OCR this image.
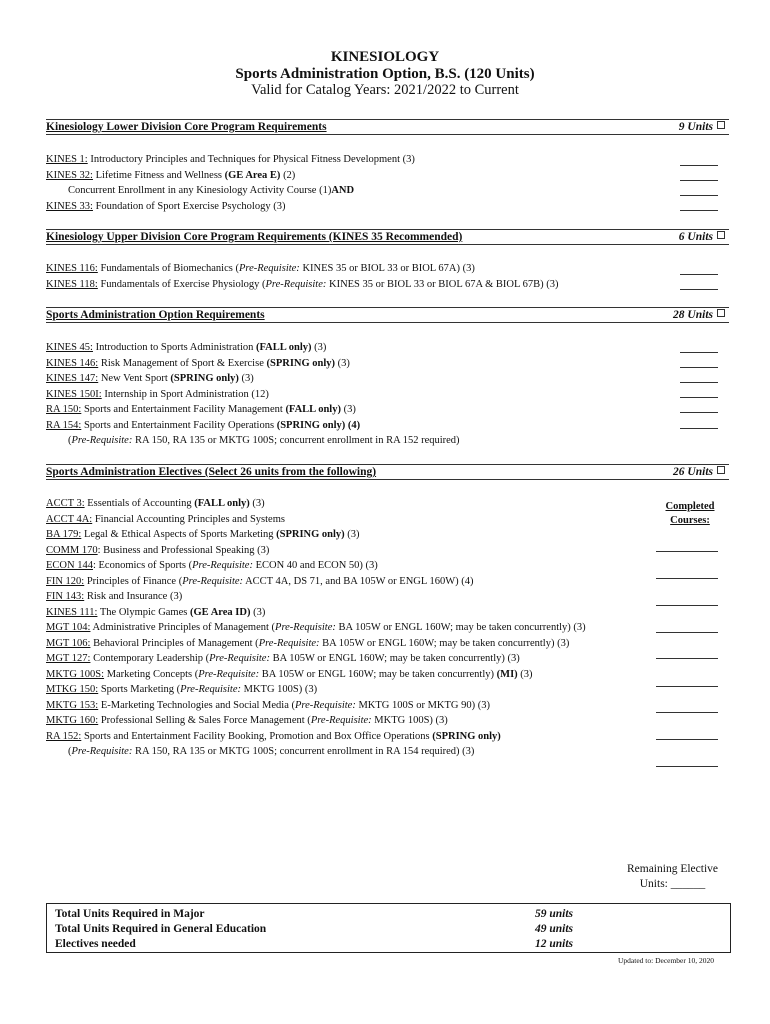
KINESIOLOGY
Sports Administration Option, B.S. (120 Units)
Valid for Catalog Years: 2021/2022 to Current
Kinesiology Lower Division Core Program Requirements	9 Units
Kinesiology Upper Division Core Program Requirements (KINES 35 Recommended)	6 Units
Sports Administration Option Requirements	28 Units
Sports Administration Electives (Select 26 units from the following)	26 Units
KINES 1: Introductory Principles and Techniques for Physical Fitness Development (3)
KINES 32: Lifetime Fitness and Wellness (GE Area E) (2)
Concurrent Enrollment in any Kinesiology Activity Course (1)AND
KINES 33: Foundation of Sport Exercise Psychology (3)
KINES 116: Fundamentals of Biomechanics (Pre-Requisite: KINES 35 or BIOL 33 or BIOL 67A) (3)
KINES 118: Fundamentals of Exercise Physiology (Pre-Requisite: KINES 35 or BIOL 33 or BIOL 67A & BIOL 67B) (3)
KINES 45: Introduction to Sports Administration (FALL only) (3)
KINES 146: Risk Management of Sport & Exercise (SPRING only) (3)
KINES 147: New Vent Sport (SPRING only) (3)
KINES 150I: Internship in Sport Administration (12)
RA 150: Sports and Entertainment Facility Management (FALL only) (3)
RA 154: Sports and Entertainment Facility Operations (SPRING only) (4)
(Pre-Requisite: RA 150, RA 135 or MKTG 100S; concurrent enrollment in RA 152 required)
ACCT 3: Essentials of Accounting (FALL only) (3)
ACCT 4A: Financial Accounting Principles and Systems
BA 179: Legal & Ethical Aspects of Sports Marketing (SPRING only) (3)
COMM 170: Business and Professional Speaking (3)
ECON 144: Economics of Sports (Pre-Requisite: ECON 40 and ECON 50) (3)
FIN 120: Principles of Finance (Pre-Requisite: ACCT 4A, DS 71, and BA 105W or ENGL 160W) (4)
FIN 143: Risk and Insurance (3)
KINES 111: The Olympic Games (GE Area ID) (3)
MGT 104: Administrative Principles of Management (Pre-Requisite: BA 105W or ENGL 160W; may be taken concurrently) (3)
MGT 106: Behavioral Principles of Management (Pre-Requisite: BA 105W or ENGL 160W; may be taken concurrently) (3)
MGT 127: Contemporary Leadership (Pre-Requisite: BA 105W or ENGL 160W; may be taken concurrently) (3)
MKTG 100S: Marketing Concepts (Pre-Requisite: BA 105W or ENGL 160W; may be taken concurrently) (MI) (3)
MTKG 150: Sports Marketing (Pre-Requisite: MKTG 100S) (3)
MKTG 153: E-Marketing Technologies and Social Media (Pre-Requisite: MKTG 100S or MKTG 90) (3)
MKTG 160: Professional Selling & Sales Force Management (Pre-Requisite: MKTG 100S) (3)
RA 152: Sports and Entertainment Facility Booking, Promotion and Box Office Operations (SPRING only)
(Pre-Requisite: RA 150, RA 135 or MKTG 100S; concurrent enrollment in RA 154 required) (3)
Completed
Courses:
Remaining Elective
Units: ______
Total Units Required in Major	59 units
Total Units Required in General Education	49 units
Electives needed	12 units
Updated to: December 10, 2020
